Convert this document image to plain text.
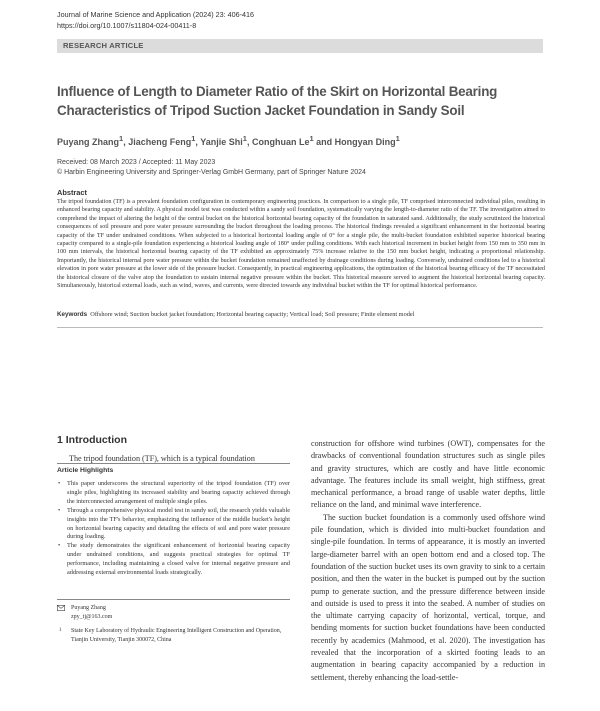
Journal of Marine Science and Application (2024) 23: 406-416
https://doi.org/10.1007/s11804-024-00411-8
RESEARCH ARTICLE
Influence of Length to Diameter Ratio of the Skirt on Horizontal Bearing Characteristics of Tripod Suction Jacket Foundation in Sandy Soil
Puyang Zhang$^1$, Jiacheng Feng$^1$, Yanjie Shi$^1$, Conghuan Le$^1$ and Hongyan Ding$^1$
Received: 08 March 2023 / Accepted: 11 May 2023
© Harbin Engineering University and Springer-Verlag GmbH Germany, part of Springer Nature 2024
Abstract
The tripod foundation (TF) is a prevalent foundation configuration in contemporary engineering practices. In comparison to a single pile, TF comprised interconnected individual piles, resulting in enhanced bearing capacity and stability. A physical model test was conducted within a sandy soil foundation, systematically varying the length-to-diameter ratio of the TF. The investigation aimed to comprehend the impact of altering the height of the central bucket on the historical horizontal bearing capacity of the foundation in saturated sand. Additionally, the study scrutinized the historical consequences of soil pressure and pore water pressure surrounding the bucket throughout the loading process. The historical findings revealed a significant enhancement in the horizontal bearing capacity of the TF under undrained conditions. When subjected to a historical horizontal loading angle of 0° for a single pile, the multi-bucket foundation exhibited superior historical bearing capacity compared to a single-pile foundation experiencing a historical loading angle of 180° under pulling conditions. With each historical increment in bucket height from 150 mm to 350 mm in 100 mm intervals, the historical horizontal bearing capacity of the TF exhibited an approximately 75% increase relative to the 150 mm bucket height, indicating a proportional relationship. Importantly, the historical internal pore water pressure within the bucket foundation remained unaffected by drainage conditions during loading. Conversely, undrained conditions led to a historical elevation in pore water pressure at the lower side of the pressure bucket. Consequently, in practical engineering applications, the optimization of the historical bearing efficacy of the TF necessitated the historical closure of the valve atop the foundation to sustain internal negative pressure within the bucket. This historical measure served to augment the historical horizontal bearing capacity. Simultaneously, historical external loads, such as wind, waves, and currents, were directed towards any individual bucket within the TF for optimal historical performance.
Keywords Offshore wind; Suction bucket jacket foundation; Horizontal bearing capacity; Vertical load; Soil pressure; Finite element model
1 Introduction
The tripod foundation (TF), which is a typical foundation
Article Highlights
• This paper underscores the structural superiority of the tripod foundation (TF) over single piles, highlighting its increased stability and bearing capacity achieved through the interconnected arrangement of multiple single piles.
• Through a comprehensive physical model test in sandy soil, the research yields valuable insights into the TF's behavior, emphasizing the influence of the middle bucket's height on horizontal bearing capacity and detailing the effects of soil and pore water pressure during loading.
• The study demonstrates the significant enhancement of horizontal bearing capacity under undrained conditions, and suggests practical strategies for optimal TF performance, including maintaining a closed valve for internal negative pressure and addressing external environmental loads strategically.
Puyang Zhang
zpy_tj@163.com
1 State Key Laboratory of Hydraulic Engineering Intelligent Construction and Operation, Tianjin University, Tianjin 300072, China

construction for offshore wind turbines (OWT), compensates for the drawbacks of conventional foundation structures such as single piles and gravity structures, which are costly and have little economic advantage. The features include its small weight, high stiffness, great mechanical performance, a broad range of usable water depths, little reliance on the land, and minimal wave interference.

The suction bucket foundation is a commonly used offshore wind pile foundation, which is divided into multi-bucket foundation and single-pile foundation. In terms of appearance, it is mostly an inverted large-diameter barrel with an open bottom end and a closed top. The foundation of the suction bucket uses its own gravity to sink to a certain position, and then the water in the bucket is pumped out by the suction pump to generate suction, and the pressure difference between inside and outside is used to press it into the seabed. A number of studies on the ultimate carrying capacity of horizontal, vertical, torque, and bending moments for suction bucket foundations have been conducted recently by academics (Mahmood, et al. 2020). The investigation has revealed that the incorporation of a skirted footing leads to an augmentation in bearing capacity accompanied by a reduction in settlement, thereby enhancing the load-settle-
